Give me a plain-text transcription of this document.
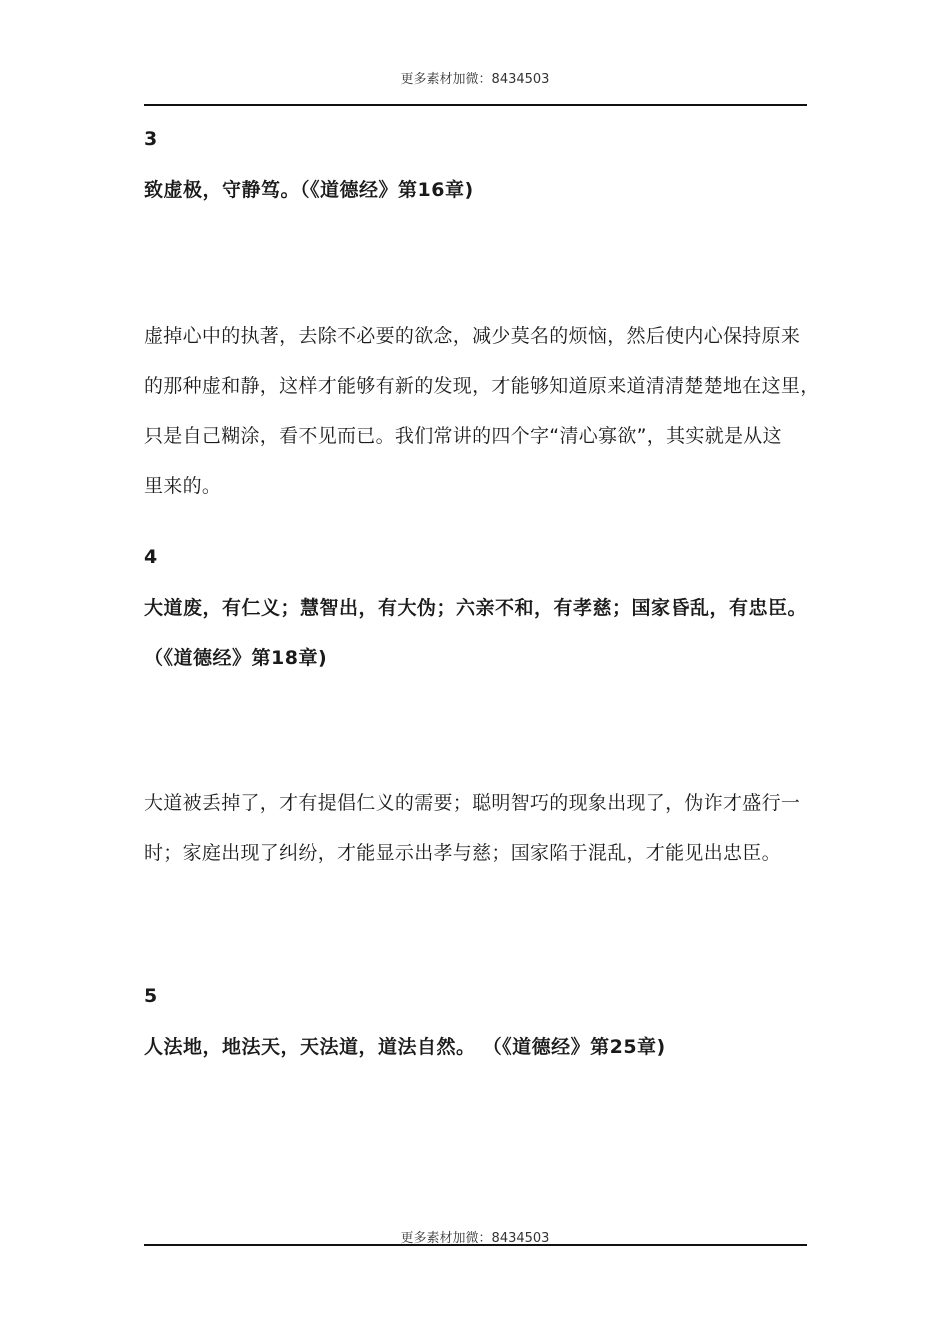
更多素材加微：8434503
3
致虚极，守静笃。（《道德经》第16章)
虚掉心中的执著，去除不必要的欲念，减少莫名的烦恼，然后使内心保持原来
的那种虚和静，这样才能够有新的发现，才能够知道原来道清清楚楚地在这里，
只是自己糊涂，看不见而已。我们常讲的四个字“清心寡欲”，其实就是从这
里来的。
4
大道废，有仁义；慧智出，有大伪；六亲不和，有孝慈；国家昏乱，有忠臣。
（《道德经》第18章)
大道被丢掉了，才有提倡仁义的需要；聪明智巧的现象出现了，伪诈才盛行一
时；家庭出现了纠纷，才能显示出孝与慈；国家陷于混乱，才能见出忠臣。
5
人法地，地法天，天法道，道法自然。 （《道德经》第25章)
更多素材加微：8434503
